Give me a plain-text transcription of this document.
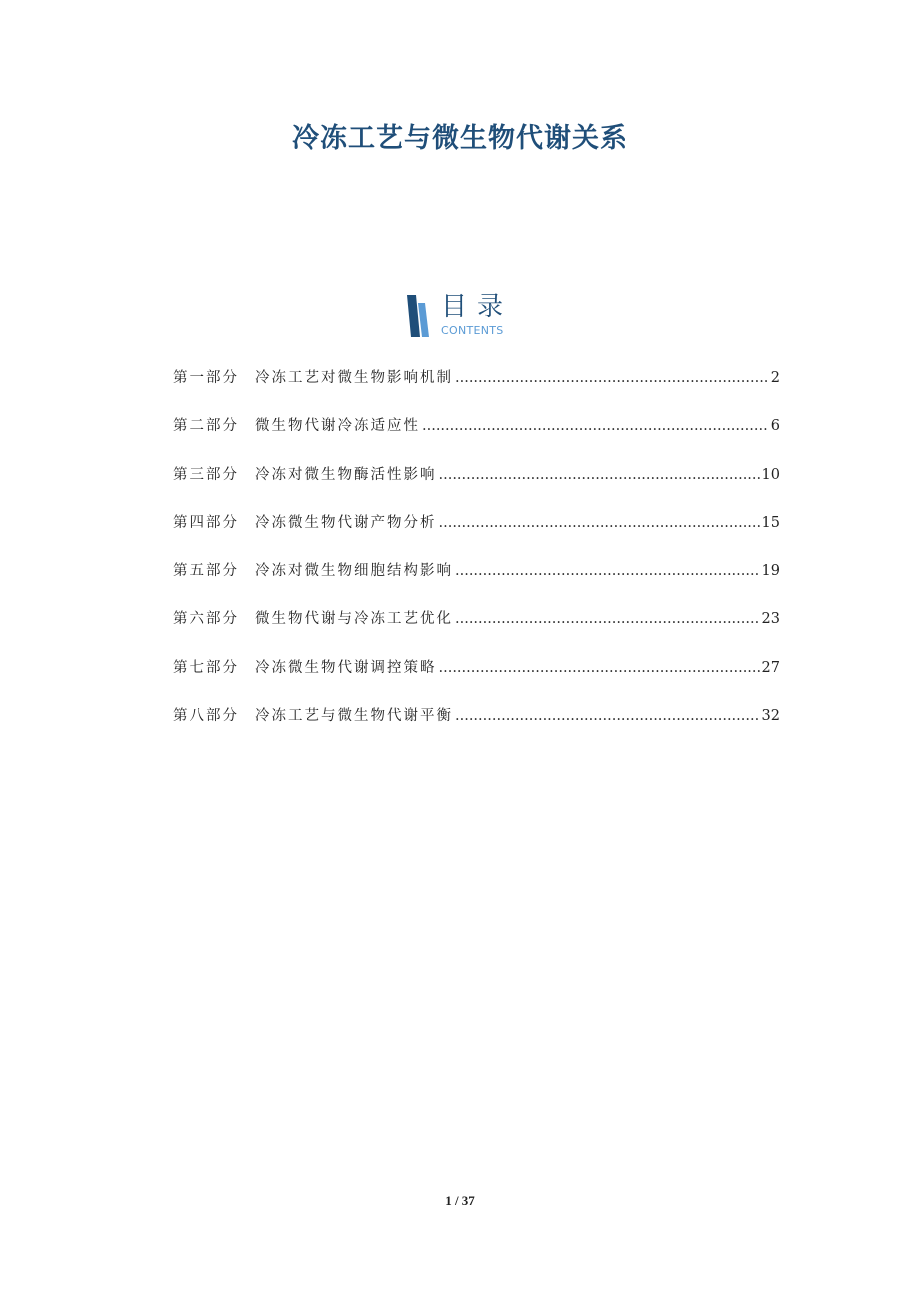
冷冻工艺与微生物代谢关系
目录
CONTENTS
第一部分	冷冻工艺对微生物影响机制 .....	2
第二部分	微生物代谢冷冻适应性 .....	6
第三部分	冷冻对微生物酶活性影响 .....	10
第四部分	冷冻微生物代谢产物分析 .....	15
第五部分	冷冻对微生物细胞结构影响 .....	19
第六部分	微生物代谢与冷冻工艺优化 .....	23
第七部分	冷冻微生物代谢调控策略 .....	27
第八部分	冷冻工艺与微生物代谢平衡 .....	32
1 / 37
